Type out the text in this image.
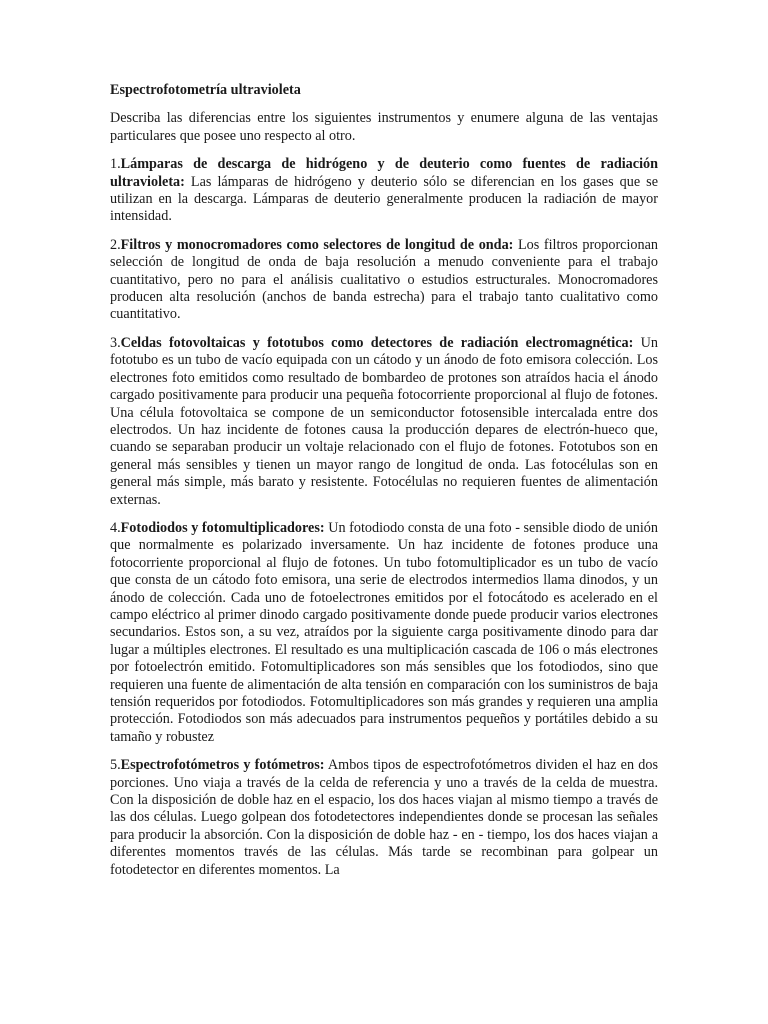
Espectrofotometría ultravioleta
Describa las diferencias entre los siguientes instrumentos y enumere alguna de las ventajas particulares que posee uno respecto al otro.
1.Lámparas de descarga de hidrógeno y de deuterio como fuentes de radiación ultravioleta: Las lámparas de hidrógeno y deuterio sólo se diferencian en los gases que se utilizan en la descarga. Lámparas de deuterio generalmente producen la radiación de mayor intensidad.
2.Filtros y monocromadores como selectores de longitud de onda: Los filtros proporcionan selección de longitud de onda de baja resolución a menudo conveniente para el trabajo cuantitativo, pero no para el análisis cualitativo o estudios estructurales. Monocromadores producen alta resolución (anchos de banda estrecha) para el trabajo tanto cualitativo como cuantitativo.
3.Celdas fotovoltaicas y fototubos como detectores de radiación electromagnética: Un fototubo es un tubo de vacío equipada con un cátodo y un ánodo de foto emisora colección. Los electrones foto emitidos como resultado de bombardeo de protones son atraídos hacia el ánodo cargado positivamente para producir una pequeña fotocorriente proporcional al flujo de fotones. Una célula fotovoltaica se compone de un semiconductor fotosensible intercalada entre dos electrodos. Un haz incidente de fotones causa la producción depares de electrón-hueco que, cuando se separaban producir un voltaje relacionado con el flujo de fotones. Fototubos son en general más sensibles y tienen un mayor rango de longitud de onda. Las fotocélulas son en general más simple, más barato y resistente. Fotocélulas no requieren fuentes de alimentación externas.
4.Fotodiodos y fotomultiplicadores: Un fotodiodo consta de una foto - sensible diodo de unión que normalmente es polarizado inversamente. Un haz incidente de fotones produce una fotocorriente proporcional al flujo de fotones. Un tubo fotomultiplicador es un tubo de vacío que consta de un cátodo foto emisora, una serie de electrodos intermedios llama dinodos, y un ánodo de colección. Cada uno de fotoelectrones emitidos por el fotocátodo es acelerado en el campo eléctrico al primer dinodo cargado positivamente donde puede producir varios electrones secundarios. Estos son, a su vez, atraídos por la siguiente carga positivamente dinodo para dar lugar a múltiples electrones. El resultado es una multiplicación cascada de 106 o más electrones por fotoelectrón emitido. Fotomultiplicadores son más sensibles que los fotodiodos, sino que requieren una fuente de alimentación de alta tensión en comparación con los suministros de baja tensión requeridos por fotodiodos. Fotomultiplicadores son más grandes y requieren una amplia protección. Fotodiodos son más adecuados para instrumentos pequeños y portátiles debido a su tamaño y robustez
5.Espectrofotómetros y fotómetros: Ambos tipos de espectrofotómetros dividen el haz en dos porciones. Uno viaja a través de la celda de referencia y uno a través de la celda de muestra. Con la disposición de doble haz en el espacio, los dos haces viajan al mismo tiempo a través de las dos células. Luego golpean dos fotodetectores independientes donde se procesan las señales para producir la absorción. Con la disposición de doble haz - en - tiempo, los dos haces viajan a diferentes momentos través de las células. Más tarde se recombinan para golpear un fotodetector en diferentes momentos. La
